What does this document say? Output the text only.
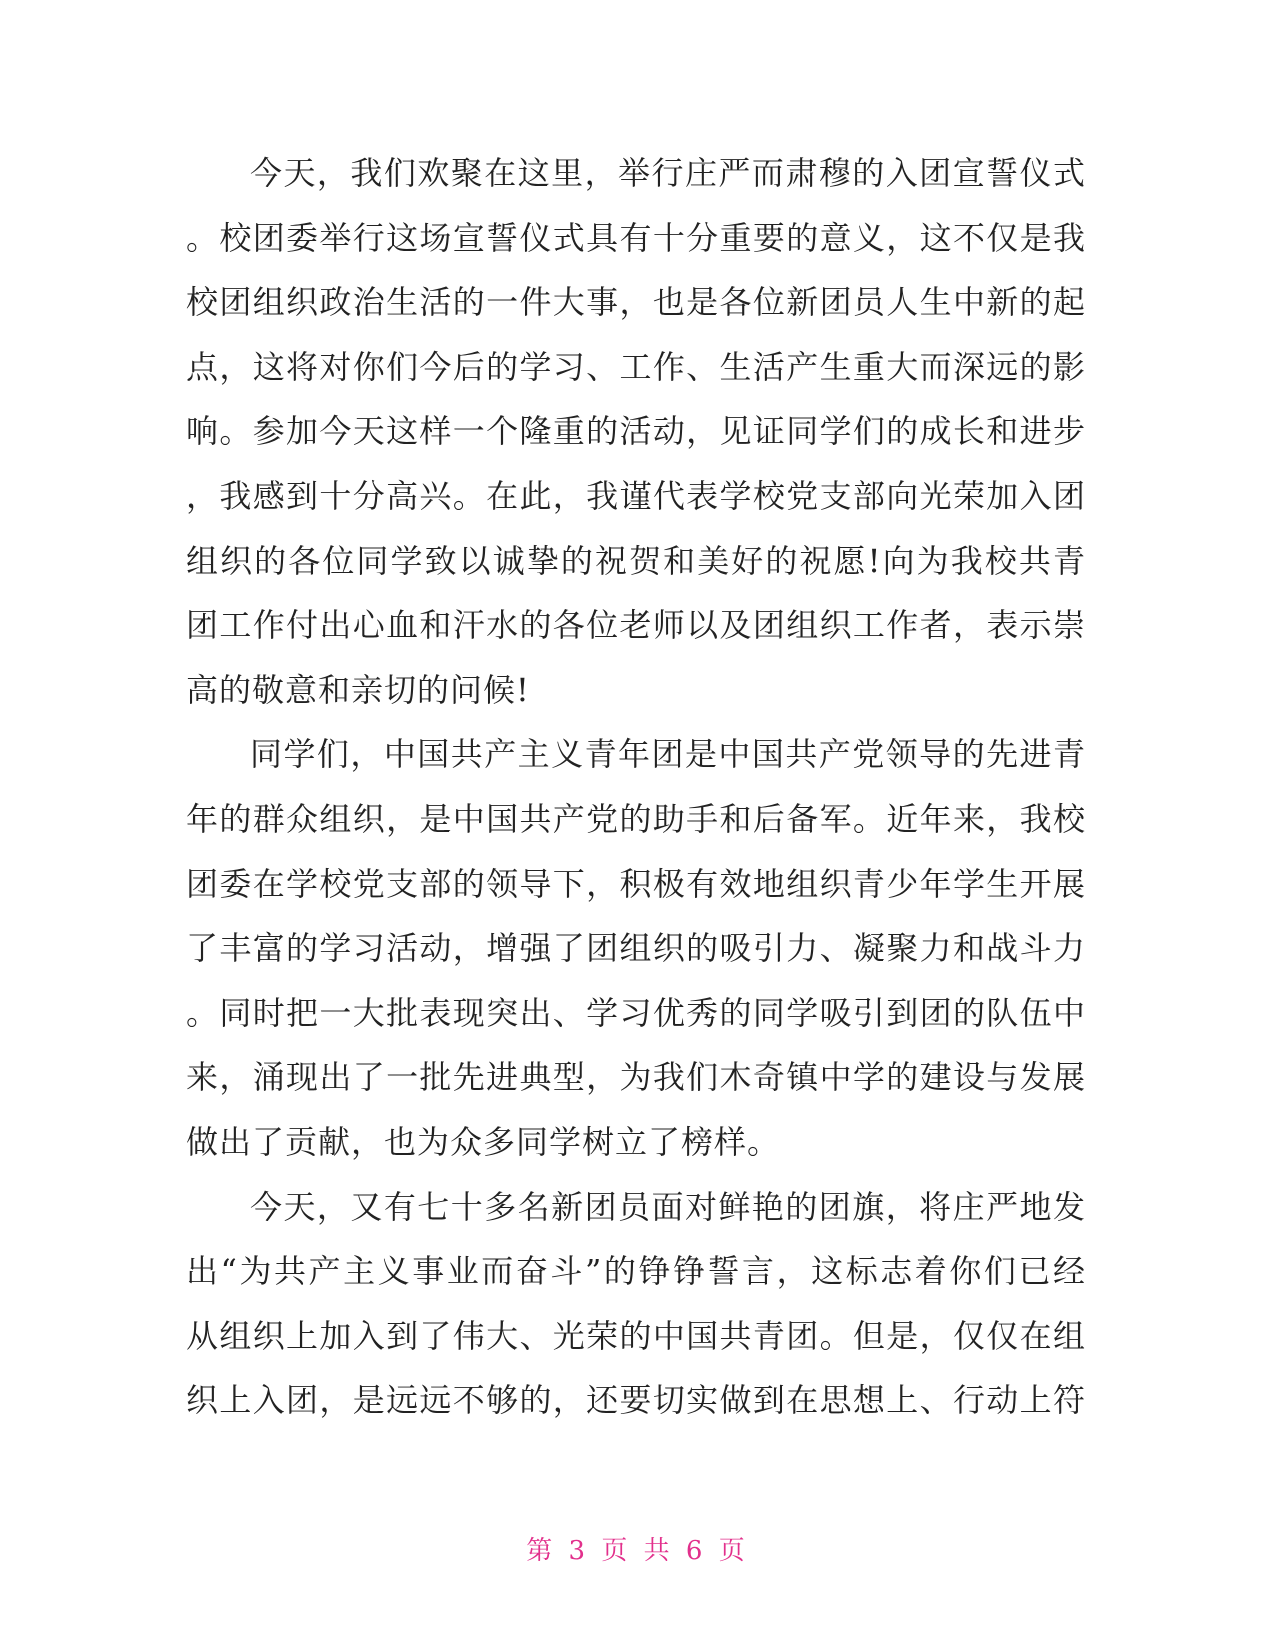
今天，我们欢聚在这里，举行庄严而肃穆的入团宣誓仪式
。校团委举行这场宣誓仪式具有十分重要的意义，这不仅是我
校团组织政治生活的一件大事，也是各位新团员人生中新的起
点，这将对你们今后的学习、工作、生活产生重大而深远的影
响。参加今天这样一个隆重的活动，见证同学们的成长和进步
，我感到十分高兴。在此，我谨代表学校党支部向光荣加入团
组织的各位同学致以诚挚的祝贺和美好的祝愿!向为我校共青
团工作付出心血和汗水的各位老师以及团组织工作者，表示崇
高的敬意和亲切的问候!
同学们，中国共产主义青年团是中国共产党领导的先进青
年的群众组织，是中国共产党的助手和后备军。近年来，我校
团委在学校党支部的领导下，积极有效地组织青少年学生开展
了丰富的学习活动，增强了团组织的吸引力、凝聚力和战斗力
。同时把一大批表现突出、学习优秀的同学吸引到团的队伍中
来，涌现出了一批先进典型，为我们木奇镇中学的建设与发展
做出了贡献，也为众多同学树立了榜样。
今天，又有七十多名新团员面对鲜艳的团旗，将庄严地发
出“为共产主义事业而奋斗”的铮铮誓言，这标志着你们已经
从组织上加入到了伟大、光荣的中国共青团。但是，仅仅在组
织上入团，是远远不够的，还要切实做到在思想上、行动上符
第 3 页 共 6 页
